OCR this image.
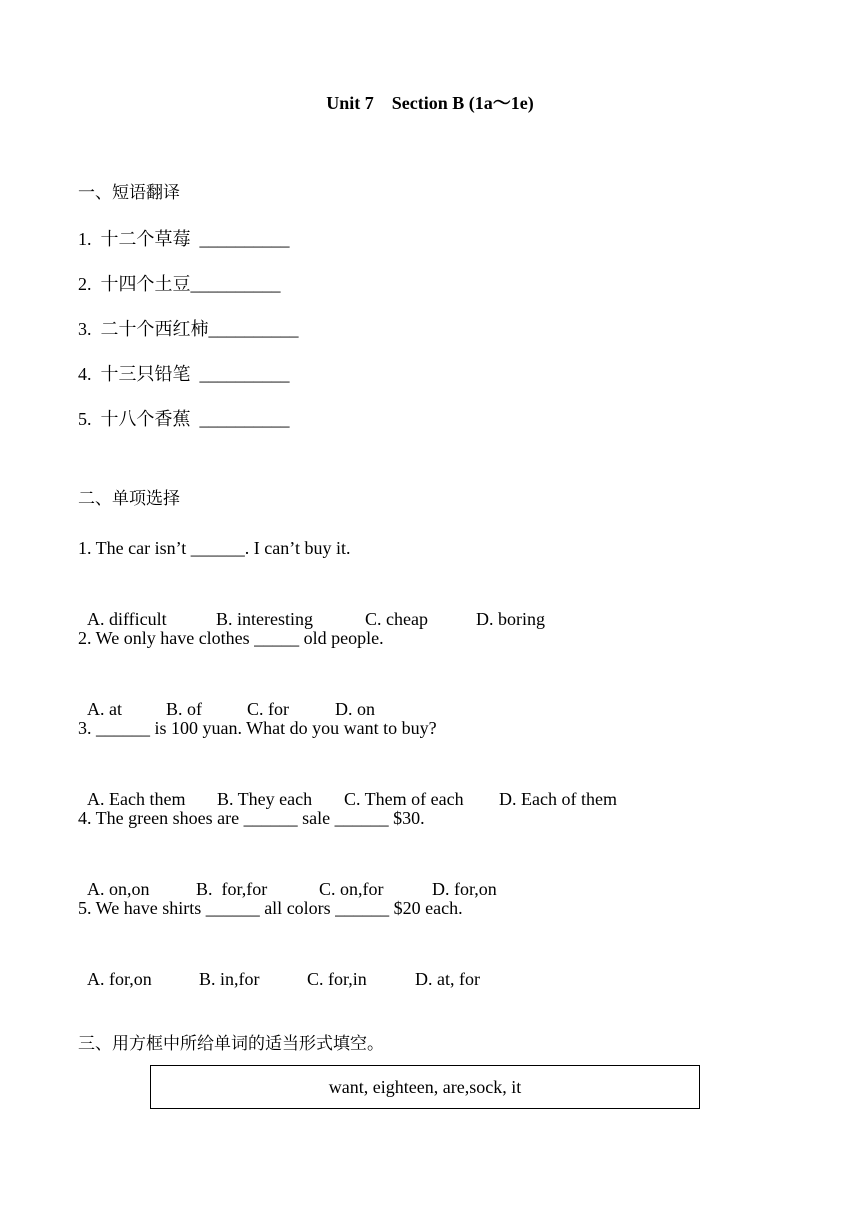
Unit 7    Section B (1a～1e)
一、短语翻译
1.  十二个草莓  __________
2.  十四个土豆__________
3.  二十个西红柿__________
4.  十三只铅笔  __________
5.  十八个香蕉  __________
二、单项选择
1. The car isn’t ______. I can’t buy it.

A. difficult	B. interesting	C. cheap	D. boring

2. We only have clothes _____ old people.

A. at B. of	C. for	D. on

3. ______ is 100 yuan. What do you want to buy?

A. Each them B. They each C. Them of each D. Each of them

4. The green shoes are ______ sale ______ $30.

A. on,on	B.  for,for	C. on,for	D. for,on

5. We have shirts ______ all colors ______ $20 each.

A. for,on	B. in,for	C. for,in	D. at, for

三、用方框中所给单词的适当形式填空。
want, eighteen, are,sock, it
